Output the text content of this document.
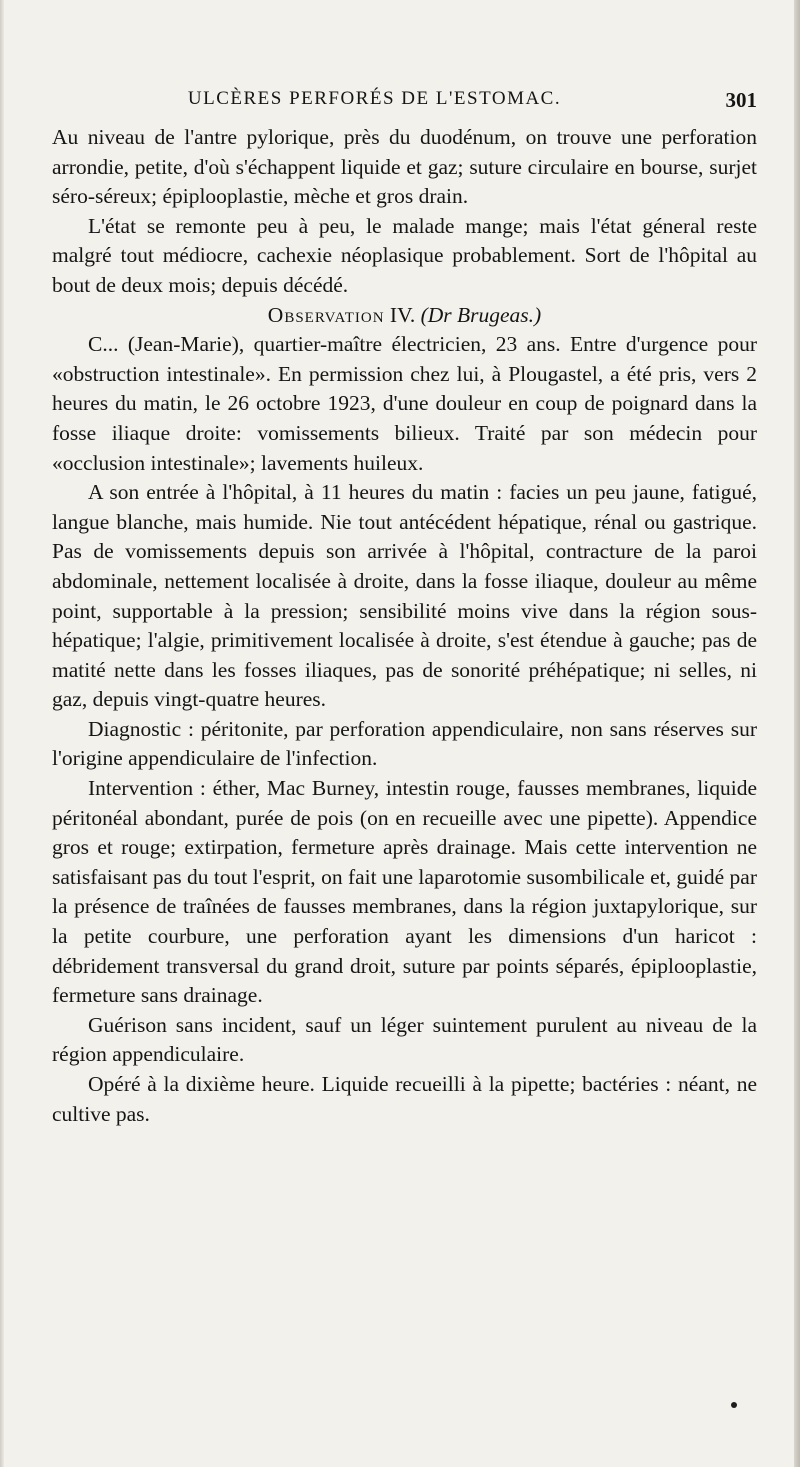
ULCÈRES PERFORÉS DE L'ESTOMAC.	301

Au niveau de l'antre pylorique, près du duodénum, on trouve une perforation arrondie, petite, d'où s'échappent liquide et gaz; suture circulaire en bourse, surjet séro-séreux; épiplooplastie, mèche et gros drain.

L'état se remonte peu à peu, le malade mange; mais l'état géneral reste malgré tout médiocre, cachexie néoplasique probablement. Sort de l'hôpital au bout de deux mois; depuis décédé.

Observation IV. (Dr Brugeas.)

C... (Jean-Marie), quartier-maître électricien, 23 ans. Entre d'urgence pour «obstruction intestinale». En permission chez lui, à Plougastel, a été pris, vers 2 heures du matin, le 26 octobre 1923, d'une douleur en coup de poignard dans la fosse iliaque droite: vomissements bilieux. Traité par son médecin pour «occlusion intestinale»; lavements huileux.

A son entrée à l'hôpital, à 11 heures du matin : facies un peu jaune, fatigué, langue blanche, mais humide. Nie tout antécédent hépatique, rénal ou gastrique. Pas de vomissements depuis son arrivée à l'hôpital, contracture de la paroi abdominale, nettement localisée à droite, dans la fosse iliaque, douleur au même point, supportable à la pression; sensibilité moins vive dans la région sous-hépatique; l'algie, primitivement localisée à droite, s'est étendue à gauche; pas de matité nette dans les fosses iliaques, pas de sonorité préhépatique; ni selles, ni gaz, depuis vingt-quatre heures.

Diagnostic : péritonite, par perforation appendiculaire, non sans réserves sur l'origine appendiculaire de l'infection.

Intervention : éther, Mac Burney, intestin rouge, fausses membranes, liquide péritonéal abondant, purée de pois (on en recueille avec une pipette). Appendice gros et rouge; extirpation, fermeture après drainage. Mais cette intervention ne satisfaisant pas du tout l'esprit, on fait une laparotomie susombilicale et, guidé par la présence de traînées de fausses membranes, dans la région juxtapylorique, sur la petite courbure, une perforation ayant les dimensions d'un haricot : débridement transversal du grand droit, suture par points séparés, épiplooplastie, fermeture sans drainage.

Guérison sans incident, sauf un léger suintement purulent au niveau de la région appendiculaire.

Opéré à la dixième heure. Liquide recueilli à la pipette; bactéries : néant, ne cultive pas.
